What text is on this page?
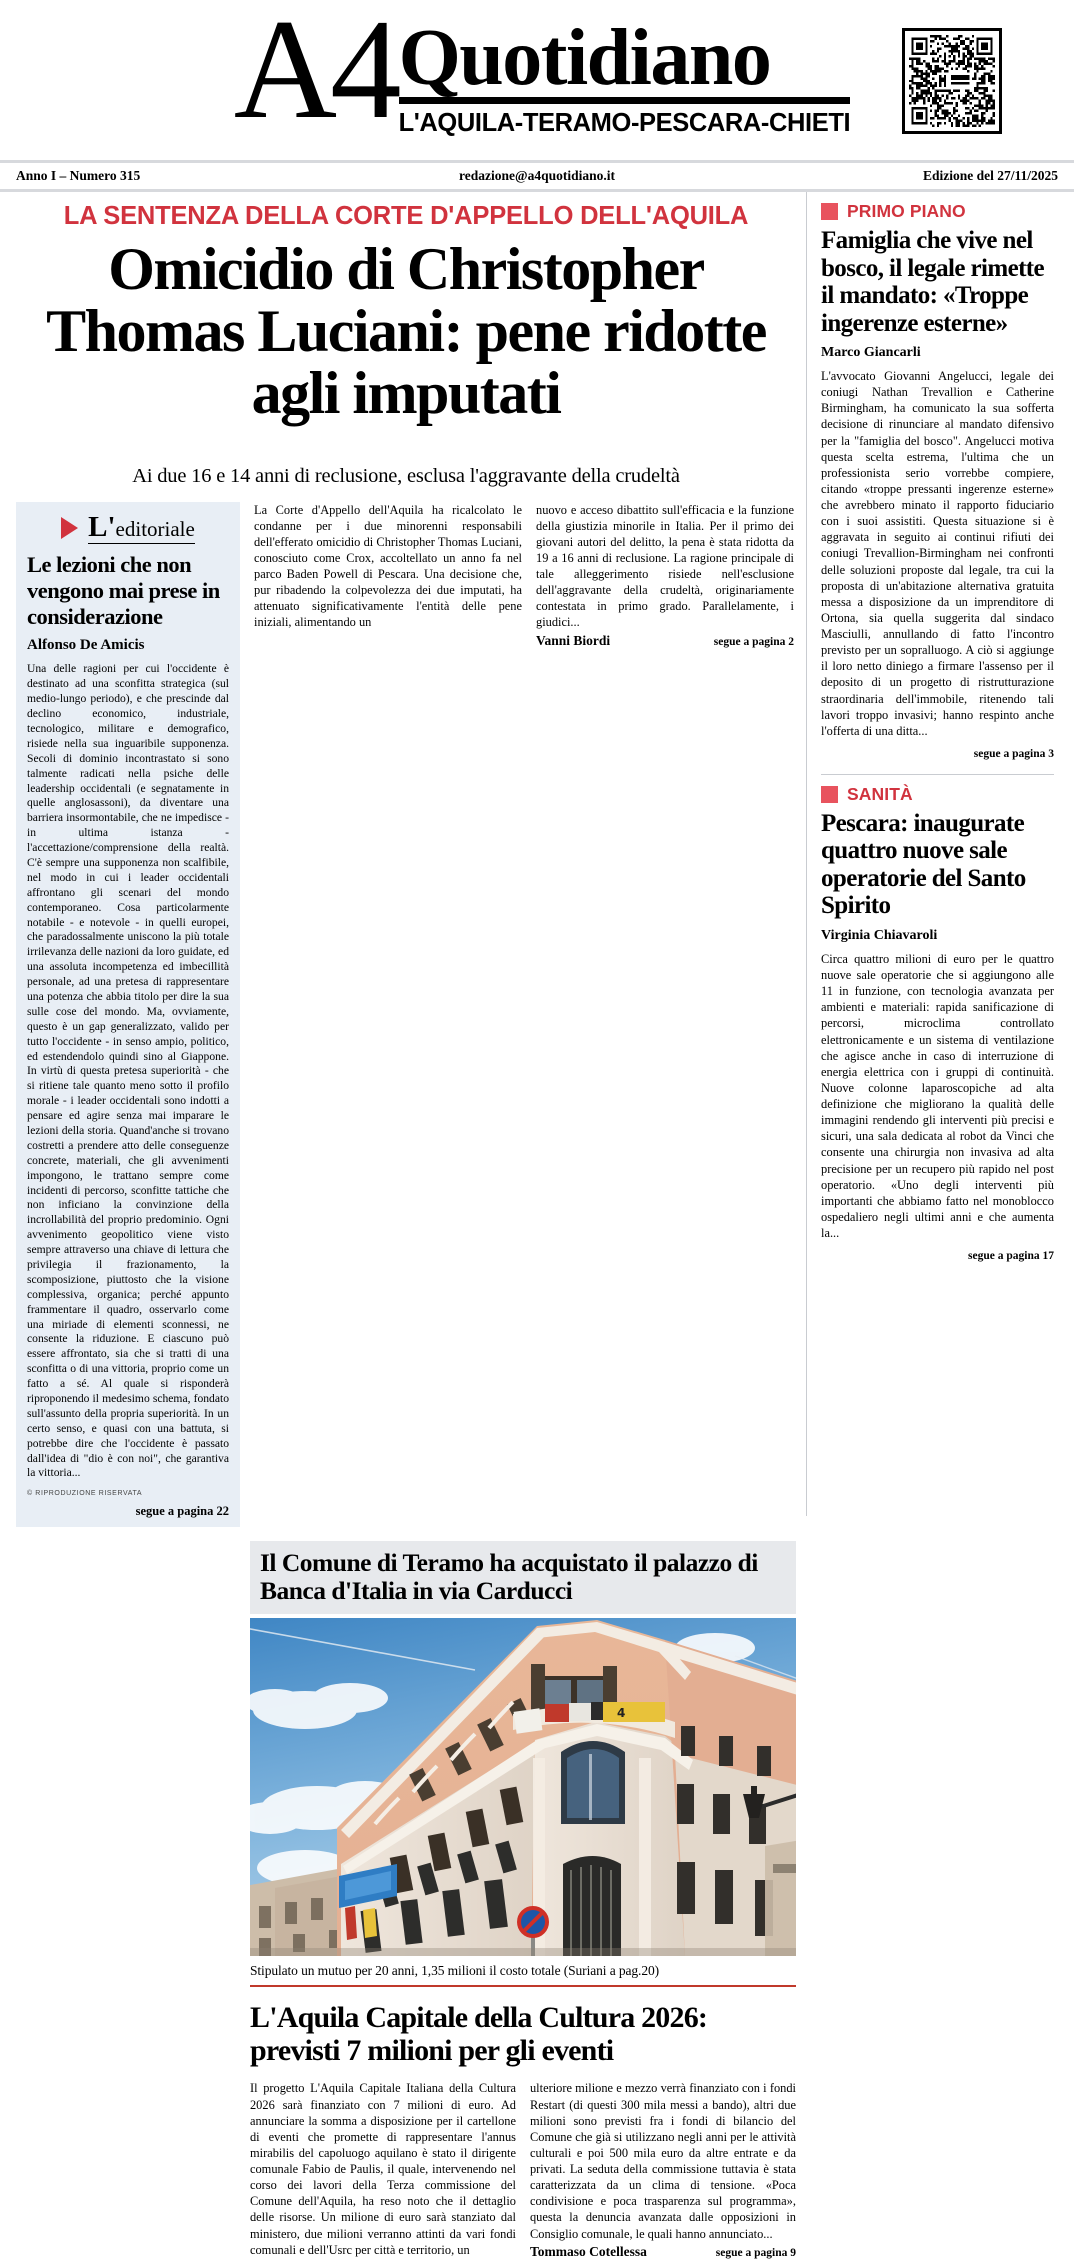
A4 Quotidiano
L'AQUILA-TERAMO-PESCARA-CHIETI
Anno I – Numero 315	redazione@a4quotidiano.it	Edizione del 27/11/2025
LA SENTENZA DELLA CORTE D'APPELLO DELL'AQUILA
Omicidio di Christopher Thomas Luciani: pene ridotte agli imputati
Ai due 16 e 14 anni di reclusione, esclusa l'aggravante della crudeltà
L'editoriale
Le lezioni che non vengono mai prese in considerazione
Alfonso De Amicis
Una delle ragioni per cui l'occidente è destinato ad una sconfitta strategica (sul medio-lungo periodo), e che prescinde dal declino economico, industriale, tecnologico, militare e demografico, risiede nella sua inguaribile supponenza. Secoli di dominio incontrastato si sono talmente radicati nella psiche delle leadership occidentali (e segnatamente in quelle anglosassoni), da diventare una barriera insormontabile, che ne impedisce - in ultima istanza - l'accettazione/comprensione della realtà. C'è sempre una supponenza non scalfibile, nel modo in cui i leader occidentali affrontano gli scenari del mondo contemporaneo. Cosa particolarmente notabile - e notevole - in quelli europei, che paradossalmente uniscono la più totale irrilevanza delle nazioni da loro guidate, ed una assoluta incompetenza ed imbecillità personale, ad una pretesa di rappresentare una potenza che abbia titolo per dire la sua sulle cose del mondo. Ma, ovviamente, questo è un gap generalizzato, valido per tutto l'occidente - in senso ampio, politico, ed estendendolo quindi sino al Giappone. In virtù di questa pretesa superiorità - che si ritiene tale quanto meno sotto il profilo morale - i leader occidentali sono indotti a pensare ed agire senza mai imparare le lezioni della storia. Quand'anche si trovano costretti a prendere atto delle conseguenze concrete, materiali, che gli avvenimenti impongono, le trattano sempre come incidenti di percorso, sconfitte tattiche che non inficiano la convinzione della incrollabilità del proprio predominio. Ogni avvenimento geopolitico viene visto sempre attraverso una chiave di lettura che privilegia il frazionamento, la scomposizione, piuttosto che la visione complessiva, organica; perché appunto frammentare il quadro, osservarlo come una miriade di elementi sconnessi, ne consente la riduzione. E ciascuno può essere affrontato, sia che si tratti di una sconfitta o di una vittoria, proprio come un fatto a sé. Al quale si risponderà riproponendo il medesimo schema, fondato sull'assunto della propria superiorità. In un certo senso, e quasi con una battuta, si potrebbe dire che l'occidente è passato dall'idea di "dio è con noi", che garantiva la vittoria...
© RIPRODUZIONE RISERVATA
segue a pagina 22
La Corte d'Appello dell'Aquila ha ricalcolato le condanne per i due minorenni responsabili dell'efferato omicidio di Christopher Thomas Luciani, conosciuto come Crox, accoltellato un anno fa nel parco Baden Powell di Pescara. Una decisione che, pur ribadendo la colpevolezza dei due imputati, ha attenuato significativamente l'entità delle pene iniziali, alimentando un
nuovo e acceso dibattito sull'efficacia e la funzione della giustizia minorile in Italia. Per il primo dei giovani autori del delitto, la pena è stata ridotta da 19 a 16 anni di reclusione. La ragione principale di tale alleggerimento risiede nell'esclusione dell'aggravante della crudeltà, originariamente contestata in primo grado. Parallelamente, i giudici...
Vanni Biordi	segue a pagina 2
Il Comune di Teramo ha acquistato il palazzo di Banca d'Italia in via Carducci
4
Stipulato un mutuo per 20 anni, 1,35 milioni il costo totale (Suriani a pag.20)
L'Aquila Capitale della Cultura 2026: previsti 7 milioni per gli eventi
Il progetto L'Aquila Capitale Italiana della Cultura 2026 sarà finanziato con 7 milioni di euro. Ad annunciare la somma a disposizione per il cartellone di eventi che promette di rappresentare l'annus mirabilis del capoluogo aquilano è stato il dirigente comunale Fabio de Paulis, il quale, intervenendo nel corso dei lavori della Terza commissione del Comune dell'Aquila, ha reso noto che il dettaglio delle risorse. Un milione di euro sarà stanziato dal ministero, due milioni verranno attinti da vari fondi comunali e dell'Usrc per città e territorio, un
ulteriore milione e mezzo verrà finanziato con i fondi Restart (di questi 300 mila messi a bando), altri due milioni sono previsti fra i fondi di bilancio del Comune che già si utilizzano negli anni per le attività culturali e poi 500 mila euro da altre entrate e da privati. La seduta della commissione tuttavia è stata caratterizzata da un clima di tensione. «Poca condivisione e poca trasparenza sul programma», questa la denuncia avanzata dalle opposizioni in Consiglio comunale, le quali hanno annunciato...
Tommaso Cotellessa	segue a pagina 9
PRIMO PIANO
Famiglia che vive nel bosco, il legale rimette il mandato: «Troppe ingerenze esterne»
Marco Giancarli
L'avvocato Giovanni Angelucci, legale dei coniugi Nathan Trevallion e Catherine Birmingham, ha comunicato la sua sofferta decisione di rinunciare al mandato difensivo per la "famiglia del bosco". Angelucci motiva questa scelta estrema, l'ultima che un professionista serio vorrebbe compiere, citando «troppe pressanti ingerenze esterne» che avrebbero minato il rapporto fiduciario con i suoi assistiti. Questa situazione si è aggravata in seguito ai continui rifiuti dei coniugi Trevallion-Birmingham nei confronti delle soluzioni proposte dal legale, tra cui la proposta di un'abitazione alternativa gratuita messa a disposizione da un imprenditore di Ortona, sia quella suggerita dal sindaco Masciulli, annullando di fatto l'incontro previsto per un sopralluogo. A ciò si aggiunge il loro netto diniego a firmare l'assenso per il deposito di un progetto di ristrutturazione straordinaria dell'immobile, ritenendo tali lavori troppo invasivi; hanno respinto anche l'offerta di una ditta...
segue a pagina 3
SANITÀ
Pescara: inaugurate quattro nuove sale operatorie del Santo Spirito
Virginia Chiavaroli
Circa quattro milioni di euro per le quattro nuove sale operatorie che si aggiungono alle 11 in funzione, con tecnologia avanzata per ambienti e materiali: rapida sanificazione di percorsi, microclima controllato elettronicamente e un sistema di ventilazione che agisce anche in caso di interruzione di energia elettrica con i gruppi di continuità. Nuove colonne laparoscopiche ad alta definizione che migliorano la qualità delle immagini rendendo gli interventi più precisi e sicuri, una sala dedicata al robot da Vinci che consente una chirurgia non invasiva ad alta precisione per un recupero più rapido nel post operatorio. «Uno degli interventi più importanti che abbiamo fatto nel monoblocco ospedaliero negli ultimi anni e che aumenta la...
segue a pagina 17
